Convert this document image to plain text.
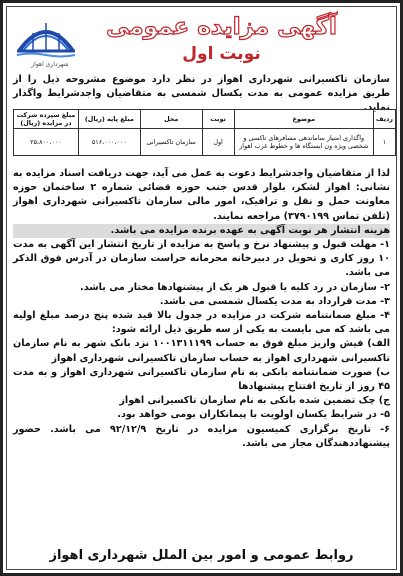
شهرداری اهواز
آگهی مزایده عمومی
نوبت اول
سازمان تاکسیرانی شهرداری اهواز در نظر دارد موضوع مشروحه ذیل را از طریق مزایده عمومی به مدت یکسال شمسی به متقاضیان واجدشرایط واگذار نماید.
ردیف	موضوع	نوبت	محل	مبلغ پایه (ریال)	مبلغ سپرده شرکت در مزایده (ریال)
۱	واگذاری امتیاز ساماندهی مسافرهای تاکسی و شخصی ویژه ون ایستگاه ها و خطوط غرب اهواز	اول	سازمان تاکسیرانی	۵۱۶،۰۰۰،۰۰۰	۲۵،۸۰۰،۰۰۰

لذا از متقاضیان واجدشرایط دعوت به عمل می آید، جهت دریافت اسناد مزایده به نشانی: اهواز لشکر، بلوار قدس جنب حوزه قضائی شماره ۲ ساختمان حوزه معاونت حمل و نقل و ترافیک، امور مالی سازمان تاکسیرانی شهرداری اهواز (تلفن تماس ۳۷۹۰۱۹۹) مراجعه نمایند.

هزینه انتشار هر نوبت آگهی به عهده برنده مزایده می باشد.

۱- مهلت قبول و پیشنهاد نرخ و پاسخ به مزایده از تاریخ انتشار این آگهی به مدت ۱۰ روز کاری و تحویل در دبیرخانه محرمانه حراست سازمان در آدرس فوق الذکر می باشد.

۲- سازمان در رد کلیه یا قبول هر یک از پیشنهادها مختار می باشد.

۳- مدت قرارداد به مدت یکسال شمسی می باشد.

۴- مبلغ ضمانتنامه شرکت در مزایده در جدول بالا قید شده پنج درصد مبلغ اولیه می باشد که می بایست به یکی از سه طریق ذیل ارائه شود:

الف) فیش واریز مبلغ فوق به حساب ۱۰۰۱۳۱۱۱۹۹ نزد بانک شهر به نام سازمان تاکسیرانی شهرداری اهواز به حساب سازمان تاکسیرانی شهرداری اهواز

ب) صورت ضمانتنامه بانکی به نام سازمان تاکسیرانی شهرداری اهواز و به مدت ۴۵ روز از تاریخ افتتاح پیشنهادها

ج) چک تضمین شده بانکی به نام سازمان تاکسیرانی اهواز

۵- در شرایط یکسان اولویت با پیمانکاران بومی خواهد بود.

۶- تاریخ برگزاری کمیسیون مزایده در تاریخ ۹۲/۱۲/۹ می باشد. حضور پیشنهاددهندگان مجاز می باشد.

روابط عمومی و امور بین الملل شهرداری اهواز
